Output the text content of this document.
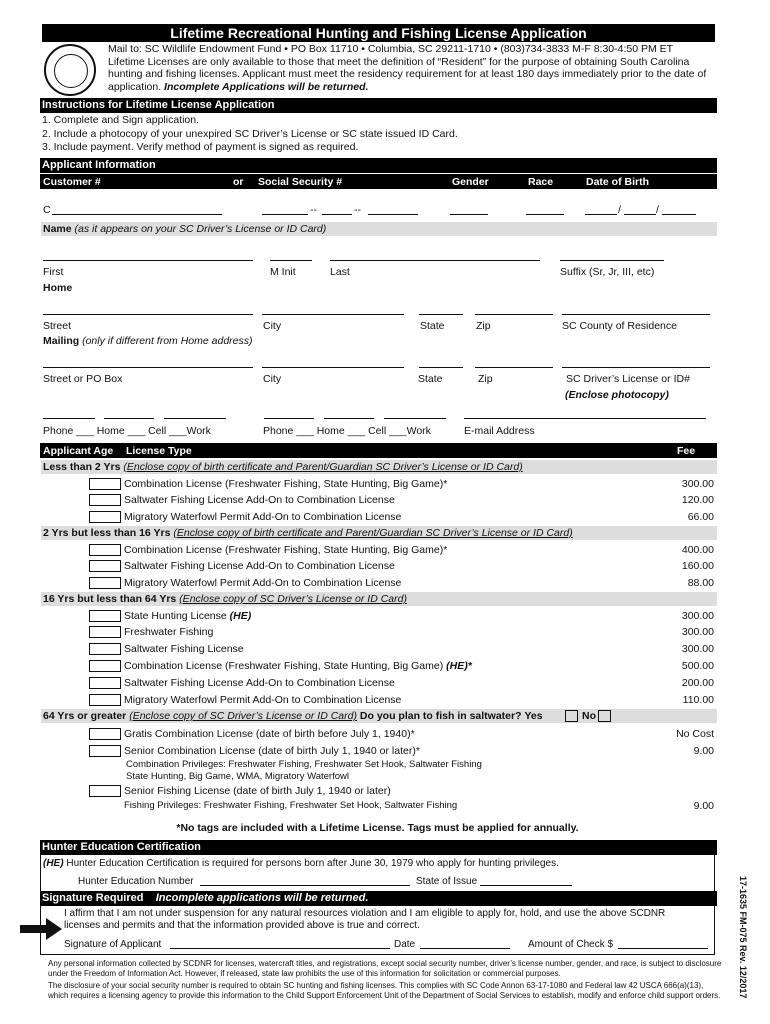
Lifetime Recreational Hunting and Fishing License Application
Mail to: SC Wildlife Endowment Fund • PO Box 11710 • Columbia, SC 29211-1710 • (803)734-3833 M-F 8:30-4:50 PM ET
Lifetime Licenses are only available to those that meet the definition of “Resident” for the purpose of obtaining South Carolina hunting and fishing licenses. Applicant must meet the residency requirement for at least 180 days immediately prior to the date of application. Incomplete Applications will be returned.
Instructions for Lifetime License Application
1. Complete and Sign application.
2. Include a photocopy of your unexpired SC Driver’s License or SC state issued ID Card.
3. Include payment. Verify method of payment is signed as required.
Applicant Information

Customer #	or Social Security #	Gender	Race	Date of Birth
C	--	--	/	/
Name (as it appears on your SC Driver’s License or ID Card)
First	M Init	Last	Suffix (Sr, Jr, III, etc)
Home
Street	City	State	Zip	SC County of Residence
Mailing (only if different from Home address)
Street or PO Box	City	State	Zip	SC Driver’s License or ID#
(Enclose photocopy)
Phone ___ Home ___ Cell ___Work	Phone ___ Home ___ Cell ___Work	E-mail Address

Applicant Age License Type	Fee
Less than 2 Yrs (Enclose copy of birth certificate and Parent/Guardian SC Driver’s License or ID Card)
Combination License (Freshwater Fishing, State Hunting, Big Game)*	300.00
Saltwater Fishing License Add-On to Combination License	120.00
Migratory Waterfowl Permit Add-On to Combination License	66.00
2 Yrs but less than 16 Yrs (Enclose copy of birth certificate and Parent/Guardian SC Driver’s License or ID Card)
Combination License (Freshwater Fishing, State Hunting, Big Game)*	400.00
Saltwater Fishing License Add-On to Combination License	160.00
Migratory Waterfowl Permit Add-On to Combination License	88.00
16 Yrs but less than 64 Yrs (Enclose copy of SC Driver’s License or ID Card)
State Hunting License (HE)	300.00
Freshwater Fishing	300.00
Saltwater Fishing License	300.00
Combination License (Freshwater Fishing, State Hunting, Big Game) (HE)*	500.00
Saltwater Fishing License Add-On to Combination License	200.00
Migratory Waterfowl Permit Add-On to Combination License	110.00
64 Yrs or greater (Enclose copy of SC Driver’s License or ID Card) Do you plan to fish in saltwater? Yes	No
Gratis Combination License (date of birth before July 1, 1940)*	No Cost
Senior Combination License (date of birth July 1, 1940 or later)*	9.00
Combination Privileges: Freshwater Fishing, Freshwater Set Hook, Saltwater Fishing
State Hunting, Big Game, WMA, Migratory Waterfowl
Senior Fishing License (date of birth July 1, 1940 or later)
Fishing Privileges: Freshwater Fishing, Freshwater Set Hook, Saltwater Fishing	9.00
*No tags are included with a Lifetime License. Tags must be applied for annually.
Hunter Education Certification
(HE) Hunter Education Certification is required for persons born after June 30, 1979 who apply for hunting privileges.
Hunter Education Number	State of Issue
Signature Required Incomplete applications will be returned.
I affirm that I am not under suspension for any natural resources violation and I am eligible to apply for, hold, and use the above SCDNR licenses and permits and that the information provided above is true and correct.
Signature of Applicant	Date	Amount of Check $
Any personal information collected by SCDNR for licenses, watercraft titles, and registrations, except social security number, driver’s license number, gender, and race, is subject to disclosure under the Freedom of Information Act. However, if released, state law prohibits the use of this information for solicitation or commercial purposes.
The disclosure of your social security number is required to obtain SC hunting and fishing licenses. This complies with SC Code Annon 63-17-1080 and Federal law 42 USCA 666(a)(13), which requires a licensing agency to provide this information to the Child Support Enforcement Unit of the Department of Social Services to establish, modify and enforce child support orders.	17-1635 FM-075 Rev. 12/2017
